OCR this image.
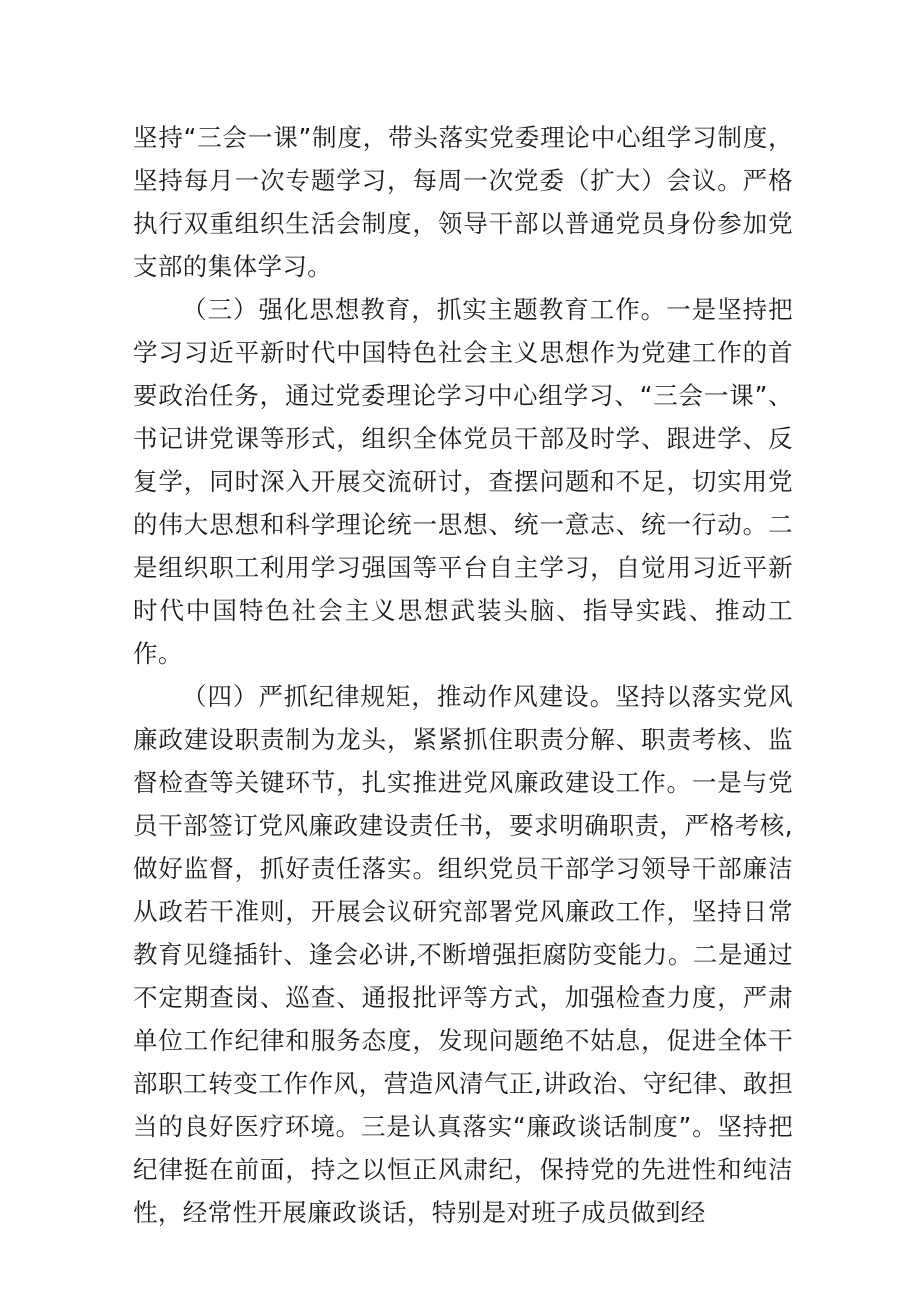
坚持“三会一课”制度，带头落实党委理论中心组学习制度，坚持每月一次专题学习，每周一次党委（扩大）会议。严格执行双重组织生活会制度，领导干部以普通党员身份参加党支部的集体学习。

（三）强化思想教育，抓实主题教育工作。一是坚持把学习习近平新时代中国特色社会主义思想作为党建工作的首要政治任务，通过党委理论学习中心组学习、“三会一课”、书记讲党课等形式，组织全体党员干部及时学、跟进学、反复学，同时深入开展交流研讨，查摆问题和不足，切实用党的伟大思想和科学理论统一思想、统一意志、统一行动。二是组织职工利用学习强国等平台自主学习，自觉用习近平新时代中国特色社会主义思想武装头脑、指导实践、推动工作。

（四）严抓纪律规矩，推动作风建设。坚持以落实党风廉政建设职责制为龙头，紧紧抓住职责分解、职责考核、监督检查等关键环节，扎实推进党风廉政建设工作。一是与党员干部签订党风廉政建设责任书，要求明确职责，严格考核,做好监督，抓好责任落实。组织党员干部学习领导干部廉洁从政若干准则，开展会议研究部署党风廉政工作，坚持日常教育见缝插针、逢会必讲,不断增强拒腐防变能力。二是通过不定期查岗、巡查、通报批评等方式，加强检查力度，严肃单位工作纪律和服务态度，发现问题绝不姑息，促进全体干部职工转变工作作风，营造风清气正,讲政治、守纪律、敢担当的良好医疗环境。三是认真落实“廉政谈话制度”。坚持把纪律挺在前面，持之以恒正风肃纪，保持党的先进性和纯洁性，经常性开展廉政谈话，特别是对班子成员做到经
